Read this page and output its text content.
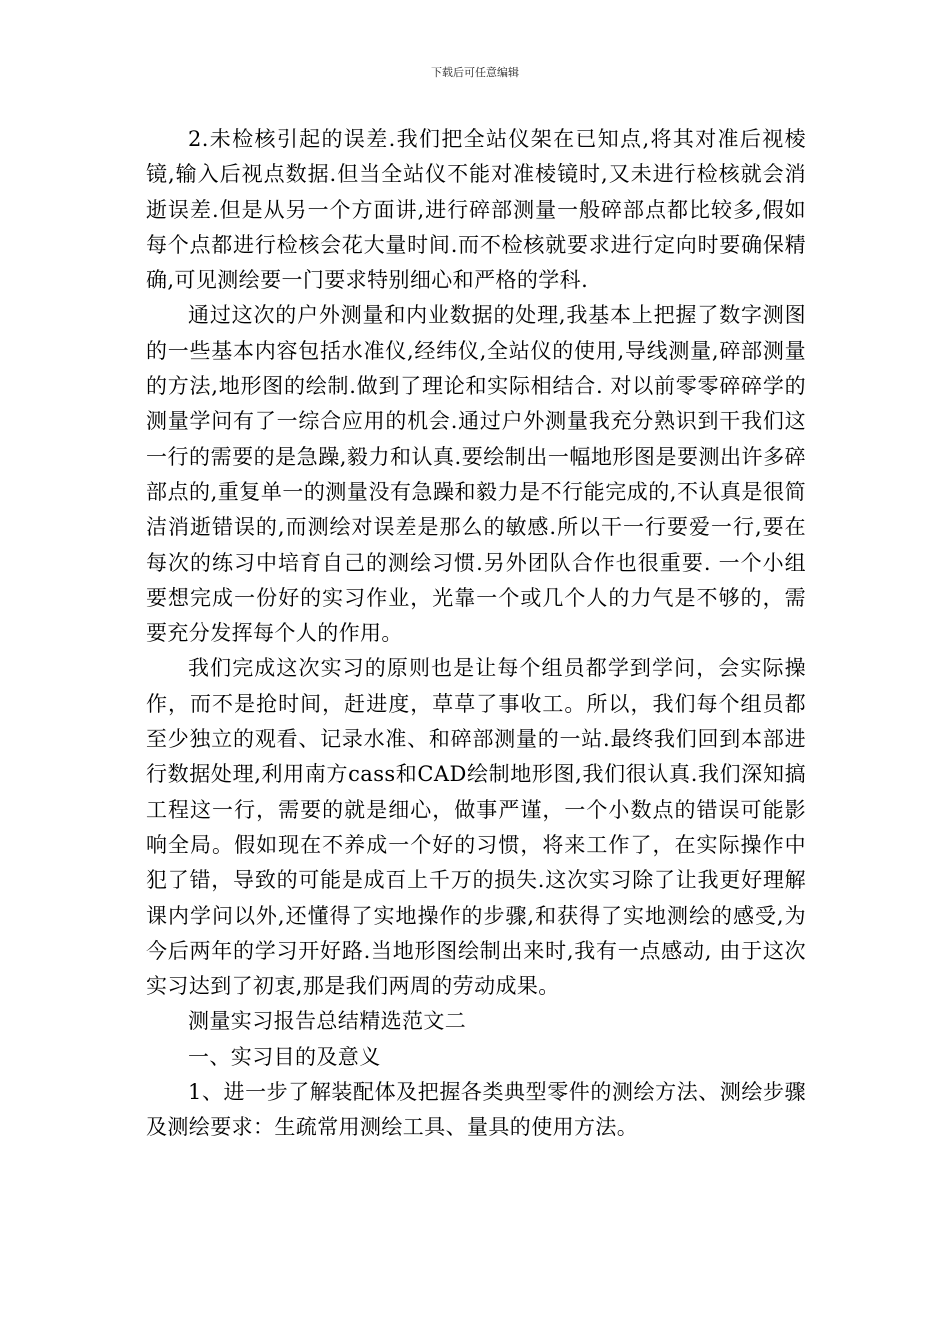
下载后可任意编辑

2.未检核引起的误差.我们把全站仪架在已知点,将其对准后视棱镜,输入后视点数据.但当全站仪不能对准棱镜时,又未进行检核就会消逝误差.但是从另一个方面讲,进行碎部测量一般碎部点都比较多,假如每个点都进行检核会花大量时间.而不检核就要求进行定向时要确保精确,可见测绘要一门要求特别细心和严格的学科.

通过这次的户外测量和内业数据的处理,我基本上把握了数字测图的一些基本内容包括水准仪,经纬仪,全站仪的使用,导线测量,碎部测量的方法,地形图的绘制.做到了理论和实际相结合. 对以前零零碎碎学的测量学问有了一综合应用的机会.通过户外测量我充分熟识到干我们这一行的需要的是急躁,毅力和认真.要绘制出一幅地形图是要测出许多碎部点的,重复单一的测量没有急躁和毅力是不行能完成的,不认真是很简洁消逝错误的,而测绘对误差是那么的敏感.所以干一行要爱一行,要在每次的练习中培育自己的测绘习惯.另外团队合作也很重要. 一个小组要想完成一份好的实习作业，光靠一个或几个人的力气是不够的，需要充分发挥每个人的作用。

我们完成这次实习的原则也是让每个组员都学到学问，会实际操作，而不是抢时间，赶进度，草草了事收工。所以，我们每个组员都至少独立的观看、记录水准、和碎部测量的一站.最终我们回到本部进行数据处理,利用南方cass和CAD绘制地形图,我们很认真.我们深知搞工程这一行，需要的就是细心，做事严谨，一个小数点的错误可能影响全局。假如现在不养成一个好的习惯，将来工作了，在实际操作中犯了错，导致的可能是成百上千万的损失.这次实习除了让我更好理解课内学问以外,还懂得了实地操作的步骤,和获得了实地测绘的感受,为今后两年的学习开好路.当地形图绘制出来时,我有一点感动, 由于这次实习达到了初衷,那是我们两周的劳动成果。

测量实习报告总结精选范文二

一、实习目的及意义

1、进一步了解装配体及把握各类典型零件的测绘方法、测绘步骤及测绘要求：生疏常用测绘工具、量具的使用方法。
